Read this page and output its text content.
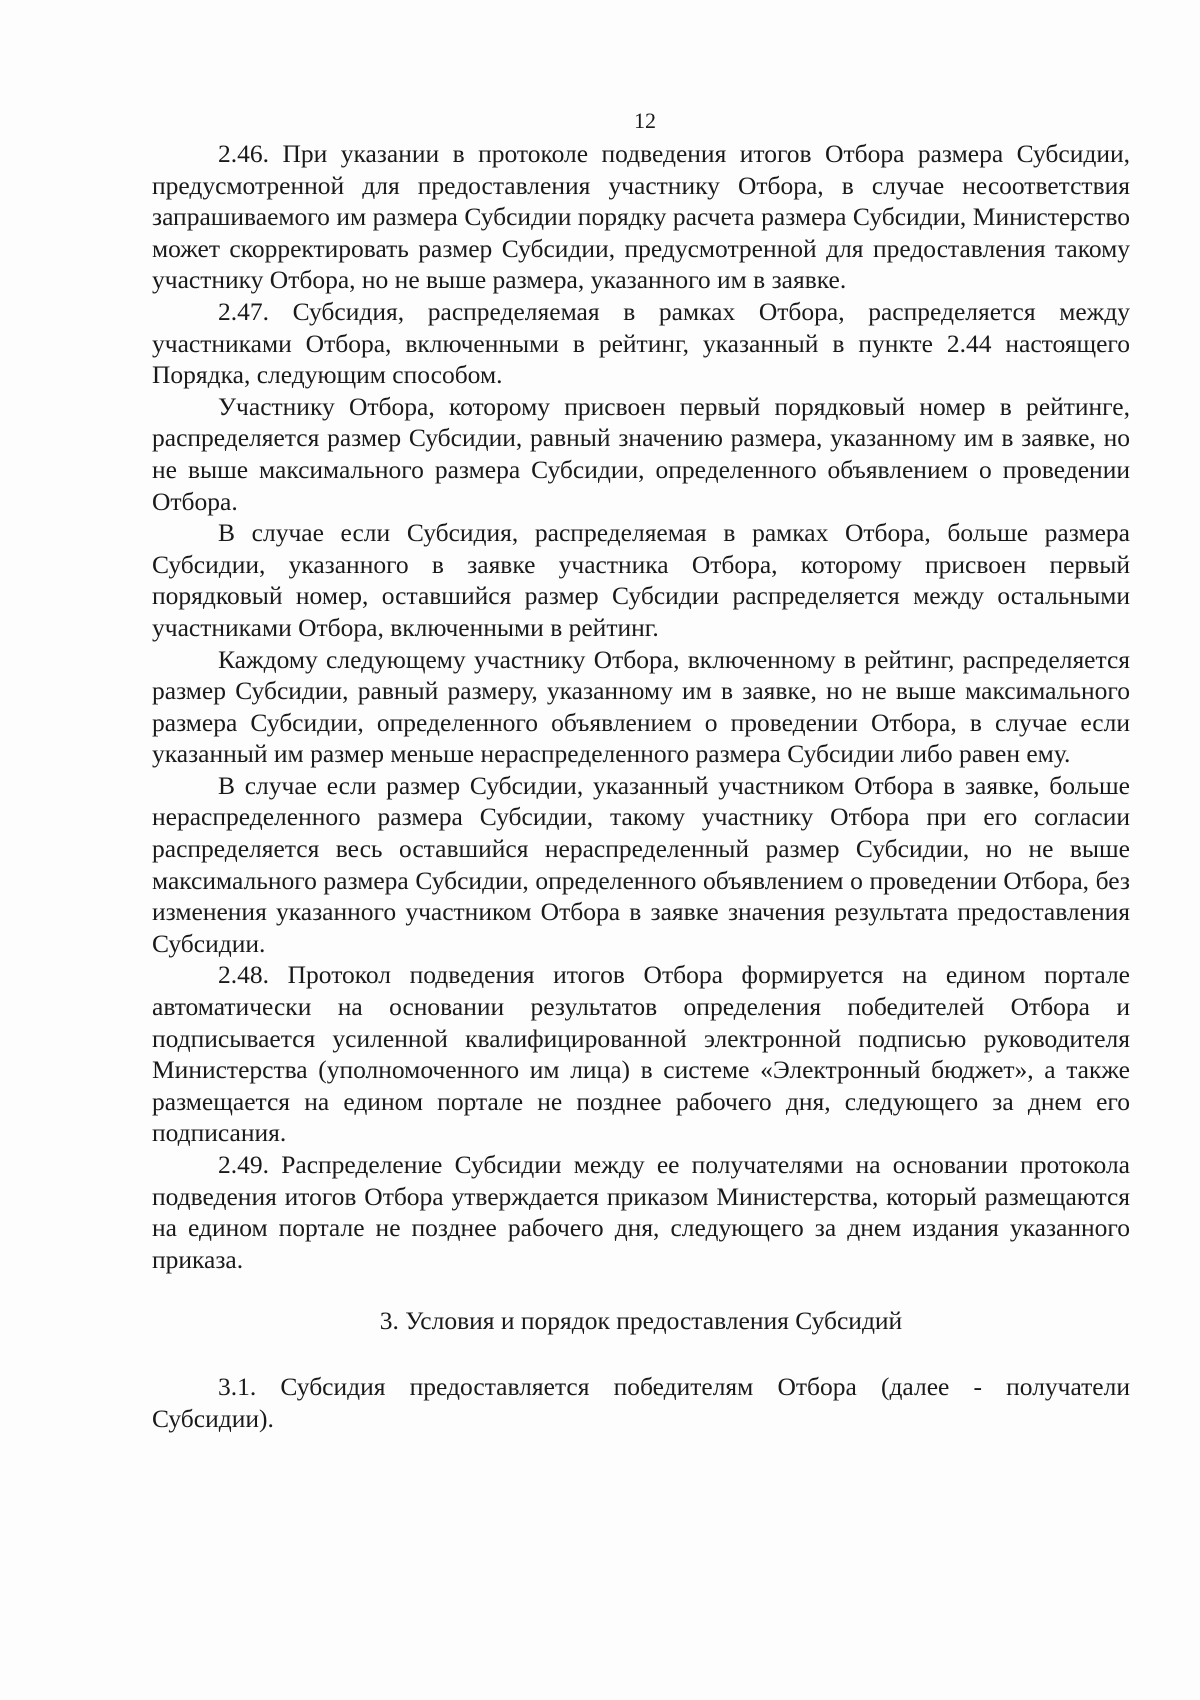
12

2.46. При указании в протоколе подведения итогов Отбора размера Субсидии, предусмотренной для предоставления участнику Отбора, в случае несоответствия запрашиваемого им размера Субсидии порядку расчета размера Субсидии, Министерство может скорректировать размер Субсидии, предусмотренной для предоставления такому участнику Отбора, но не выше размера, указанного им в заявке.

2.47. Субсидия, распределяемая в рамках Отбора, распределяется между участниками Отбора, включенными в рейтинг, указанный в пункте 2.44 настоящего Порядка, следующим способом.

Участнику Отбора, которому присвоен первый порядковый номер в рейтинге, распределяется размер Субсидии, равный значению размера, указанному им в заявке, но не выше максимального размера Субсидии, определенного объявлением о проведении Отбора.

В случае если Субсидия, распределяемая в рамках Отбора, больше размера Субсидии, указанного в заявке участника Отбора, которому присвоен первый порядковый номер, оставшийся размер Субсидии распределяется между остальными участниками Отбора, включенными в рейтинг.

Каждому следующему участнику Отбора, включенному в рейтинг, распределяется размер Субсидии, равный размеру, указанному им в заявке, но не выше максимального размера Субсидии, определенного объявлением о проведении Отбора, в случае если указанный им размер меньше нераспределенного размера Субсидии либо равен ему.

В случае если размер Субсидии, указанный участником Отбора в заявке, больше нераспределенного размера Субсидии, такому участнику Отбора при его согласии распределяется весь оставшийся нераспределенный размер Субсидии, но не выше максимального размера Субсидии, определенного объявлением о проведении Отбора, без изменения указанного участником Отбора в заявке значения результата предоставления Субсидии.

2.48. Протокол подведения итогов Отбора формируется на едином портале автоматически на основании результатов определения победителей Отбора и подписывается усиленной квалифицированной электронной подписью руководителя Министерства (уполномоченного им лица) в системе «Электронный бюджет», а также размещается на едином портале не позднее рабочего дня, следующего за днем его подписания.

2.49. Распределение Субсидии между ее получателями на основании протокола подведения итогов Отбора утверждается приказом Министерства, который размещаются на едином портале не позднее рабочего дня, следующего за днем издания указанного приказа.

3. Условия и порядок предоставления Субсидий

3.1. Субсидия предоставляется победителям Отбора (далее - получатели Субсидии).
